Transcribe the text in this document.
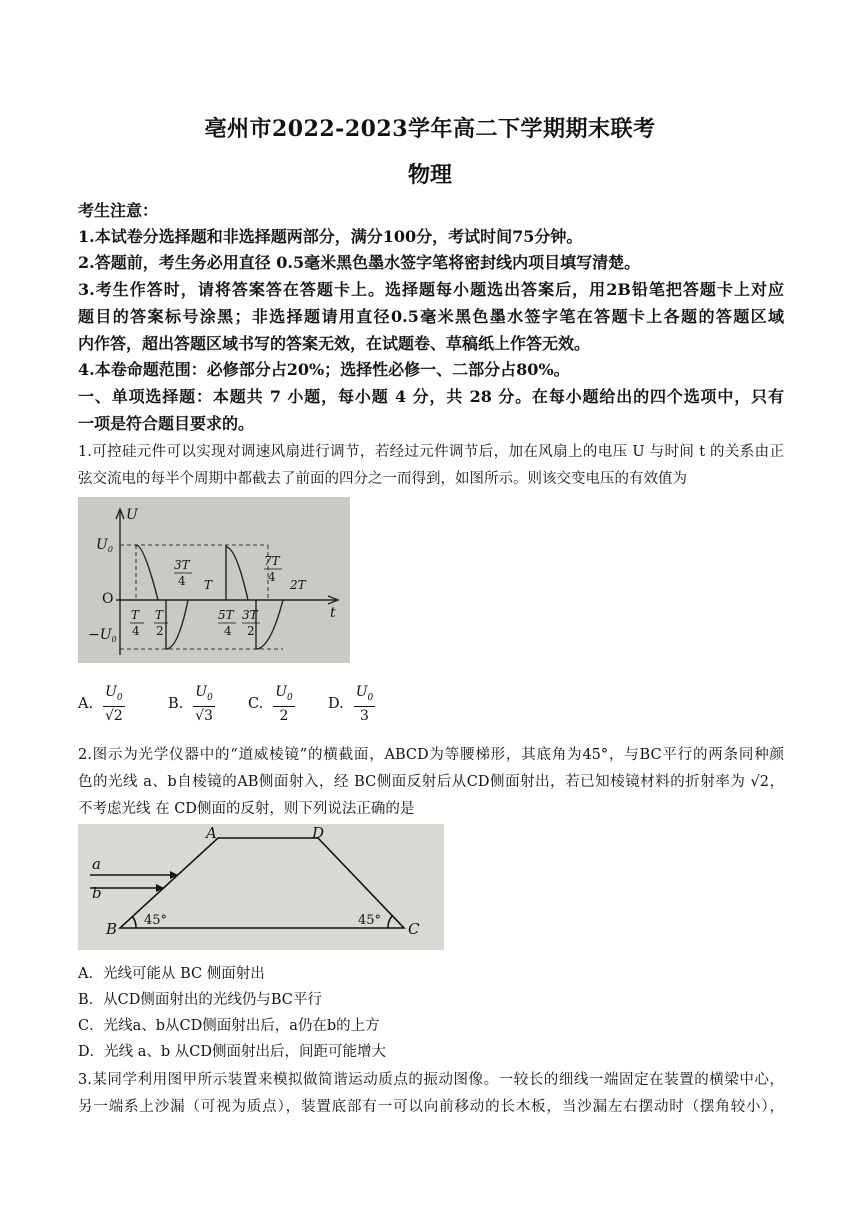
亳州市2022-2023学年高二下学期期末联考
物理
考生注意：
1.本试卷分选择题和非选择题两部分，满分100分，考试时间75分钟。
2.答题前，考生务必用直径 0.5毫米黑色墨水签字笔将密封线内项目填写清楚。
3.考生作答时，请将答案答在答题卡上。选择题每小题选出答案后，用2B铅笔把答题卡上对应
题目的答案标号涂黑；非选择题请用直径0.5毫米黑色墨水签字笔在答题卡上各题的答题区域
内作答，超出答题区域书写的答案无效，在试题卷、草稿纸上作答无效。
4.本卷命题范围：必修部分占20%；选择性必修一、二部分占80%。
一、单项选择题：本题共 7 小题，每小题 4 分，共 28 分。在每小题给出的四个选项中，只有
一项是符合题目要求的。
1.可控硅元件可以实现对调速风扇进行调节，若经过元件调节后，加在风扇上的电压 U 与时间 t 的关系由正
弦交流电的每半个周期中都截去了前面的四分之一而得到，如图所示。则该交变电压的有效值为
U
t
O
$U_0$
$-U_0$
T
4
T
2
3T
4 T
5T
4
3T
2
7T
4
2T
A. $\frac{U_0}{√2}$	B. $\frac{U_0}{√3} C$. $\frac{U_0}{2} D$. $\frac{U_0}{3}$
2.图示为光学仪器中的“道威棱镜”的横截面，ABCD为等腰梯形，其底角为45°，与BC平行的两条同种颜
色的光线 a、b自棱镜的AB侧面射入，经 BC侧面反射后从CD侧面射出，若已知棱镜材料的折射率为 √2，
不考虑光线 在 CD侧面的反射，则下列说法正确的是
A	D
a
b
B 45°	45° C
A．光线可能从 BC 侧面射出
B．从CD侧面射出的光线仍与BC平行
C．光线a、b从CD侧面射出后，a仍在b的上方
D．光线 a、b 从CD侧面射出后，间距可能增大
3.某同学利用图甲所示装置来模拟做简谐运动质点的振动图像。一较长的细线一端固定在装置的横梁中心，
另一端系上沙漏（可视为质点），装置底部有一可以向前移动的长木板，当沙漏左右摆动时（摆角较小），
